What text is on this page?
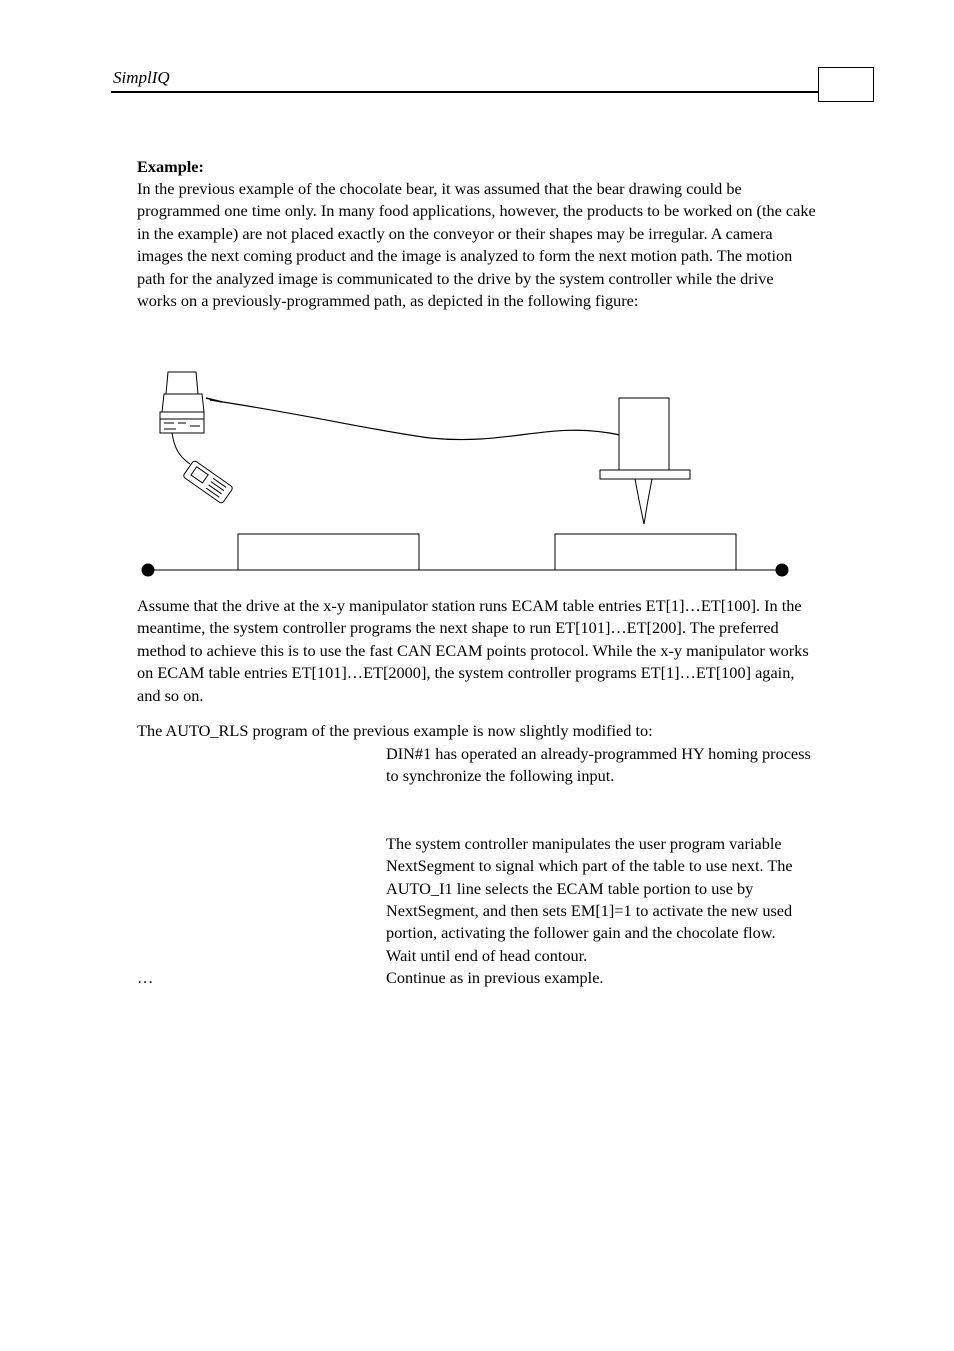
SimplIQ
Example:
In the previous example of the chocolate bear, it was assumed that the bear drawing could be programmed one time only. In many food applications, however, the products to be worked on (the cake in the example) are not placed exactly on the conveyor or their shapes may be irregular. A camera images the next coming product and the image is analyzed to form the next motion path. The motion path for the analyzed image is communicated to the drive by the system controller while the drive works on a previously-programmed path, as depicted in the following figure:
Assume that the drive at the x-y manipulator station runs ECAM table entries ET[1]…ET[100]. In the meantime, the system controller programs the next shape to run ET[101]…ET[200]. The preferred method to achieve this is to use the fast CAN ECAM points protocol. While the x-y manipulator works on ECAM table entries ET[101]…ET[2000], the system controller programs ET[1]…ET[100] again, and so on.
The AUTO_RLS program of the previous example is now slightly modified to:
DIN#1 has operated an already-programmed HY homing process to synchronize the following input.
The system controller manipulates the user program variable NextSegment to signal which part of the table to use next. The AUTO_I1 line selects the ECAM table portion to use by NextSegment, and then sets EM[1]=1 to activate the new used portion, activating the follower gain and the chocolate flow.
Wait until end of head contour.
…	Continue as in previous example.
